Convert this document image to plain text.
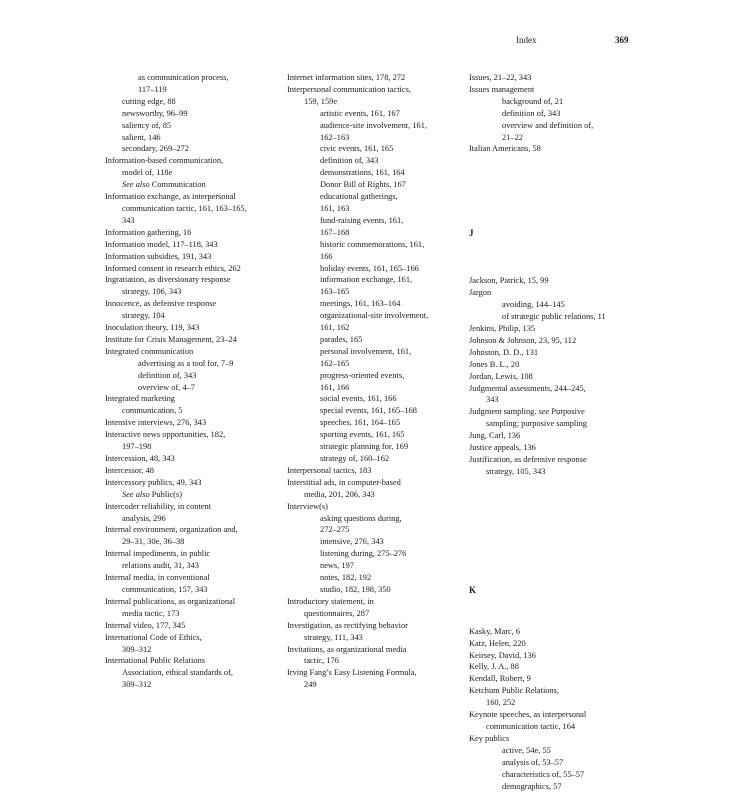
Index	369
as communication process,
117–119
cutting edge, 88
newsworthy, 96–99
saliency of, 85
salient, 146
secondary, 269–272
Information-based communication,
model of, 118e
See also Communication
Information exchange, as interpersonal
communication tactic, 161, 163–165,
343
Information gathering, 16
Information model, 117–118, 343
Information subsidies, 191, 343
Informed consent in research ethics, 262
Ingratiation, as diversionary response
strategy, 106, 343
Innocence, as defensive response
strategy, 104
Inoculation theory, 119, 343
Institute for Crisis Management, 23–24
Integrated communication
advertising as a tool for, 7–9
definition of, 343
overview of, 4–7
Integrated marketing
communication, 5
Intensive interviews, 276, 343
Interactive news opportunities, 182,
197–198
Intercession, 48, 343
Intercessor, 48
Intercessory publics, 49, 343
See also Public(s)
Intercoder reliability, in content
analysis, 296
Internal environment, organization and,
29–31, 30e, 36–38
Internal impediments, in public
relations audit, 31, 343
Internal media, in conventional
communication, 157, 343
Internal publications, as organizational
media tactic, 173
Internal video, 177, 345
International Code of Ethics,
309–312
International Public Relations
Association, ethical standards of,
309–312
Internet information sites, 178, 272
Interpersonal communication tactics,
159, 159e
artistic events, 161, 167
audience-site involvement, 161,
162–163
civic events, 161, 165
definition of, 343
demonstrations, 161, 164
Donor Bill of Rights, 167
educational gatherings,
161, 163
fund-raising events, 161,
167–168
historic commemorations, 161,
166
holiday events, 161, 165–166
information exchange, 161,
163–165
meetings, 161, 163–164
organizational-site involvement,
161, 162
parades, 165
personal involvement, 161,
162–165
progress-oriented events,
161, 166
social events, 161, 166
special events, 161, 165–168
speeches, 161, 164–165
sporting events, 161, 165
strategic planning for, 169
strategy of, 160–162
Interpersonal tactics, 183
Interstitial ads, in computer-based
media, 201, 206, 343
Interview(s)
asking questions during,
272–275
intensive, 276, 343
listening during, 275–276
news, 197
notes, 182, 192
studio, 182, 198, 350
Introductory statement, in
questionnaires, 287
Investigation, as rectifying behavior
strategy, 111, 343
Invitations, as organizational media
tactic, 176
Irving Fang’s Easy Listening Formula,
249
Issues, 21–22, 343
Issues management
background of, 21
definition of, 343
overview and definition of,
21–22
Italian Americans, 58
J
Jackson, Patrick, 15, 99
Jargon
avoiding, 144–145
of strategic public relations, 11
Jenkins, Philip, 135
Johnson & Johnson, 23, 95, 112
Johnston, D. D., 131
Jones B. L., 20
Jordan, Lewis, 108
Judgmental assessments, 244–245,
343
Judgment sampling. see Purposive
sampling; purposive sampling
Jung, Carl, 136
Justice appeals, 136
Justification, as defensive response
strategy, 105, 343
K
Kasky, Marc, 6
Katz, Helen, 220
Keirsey, David, 136
Kelly, J. A., 88
Kendall, Robert, 9
Ketchum Public Relations,
160, 252
Keynote speeches, as interpersonal
communication tactic, 164
Key publics
active, 54e, 55
analysis of, 53–57
characteristics of, 55–57
demographics, 57
